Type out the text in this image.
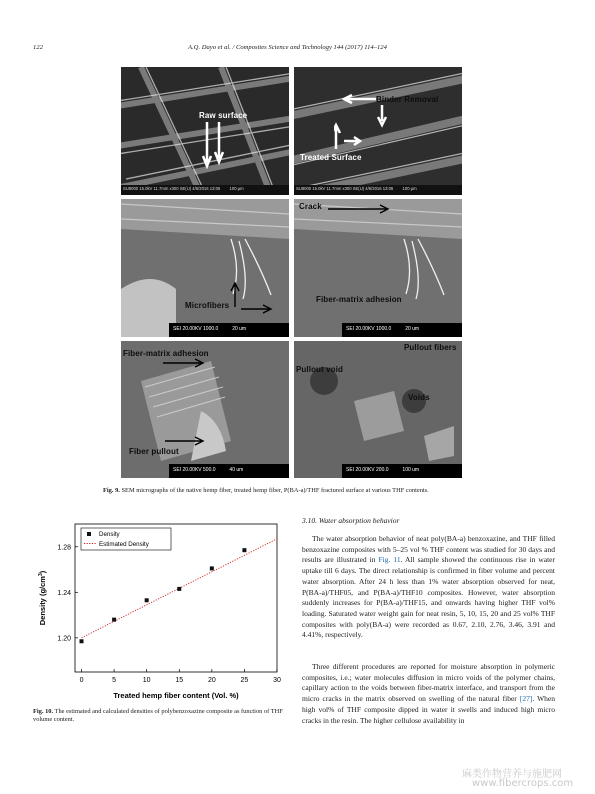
122	A.Q. Dayo et al. / Composites Science and Technology 144 (2017) 114–124
Raw surface
SU8000 15.0kV 11.7mm x300 SE(U) 4/6/2016 13:05        100 µm
Binder Removal
Treated Surface
SU8000 15.0kV 11.7mm x300 SE(U) 4/6/2016 13:06        100 µm
Microfibers
SEI 20.00KV 1000.0          20 um
Crack
Fiber-matrix adhesion
SEI 20.00KV 1000.0          20 um
Fiber-matrix adhesion
Fiber pullout
SEI 20.00KV 500.0          40 um
Pullout fibers
Pullout void
Voids
SEI 20.00KV 200.0          100 um
Fig. 9. SEM micrographs of the native hemp fiber, treated hemp fiber, P(BA-a)/THF fractured surface at various THF contents.
0	5	10	15	20	25	30
1.20
1.24
1.28
Treated hemp fiber content (Vol. %)
Density $(g/cm^3)$
Density
Estimated Density
Fig. 10. The estimated and calculated densities of polybenzoxazine composite as function of THF volume content.
3.10. Water absorption behavior
The water absorption behavior of neat poly(BA-a) benzoxazine, and THF filled benzoxazine composites with 5–25 vol % THF content was studied for 30 days and results are illustrated in Fig. 11. All sample showed the continuous rise in water uptake till 6 days. The direct relationship is confirmed in fiber volume and percent water absorption. After 24 h less than 1% water absorption observed for neat, P(BA-a)/THF05, and P(BA-a)/THF10 composites. However, water absorption suddenly increases for P(BA-a)/THF15, and onwards having higher THF vol% loading. Saturated water weight gain for neat resin, 5, 10, 15, 20 and 25 vol% THF composites with poly(BA-a) were recorded as 0.67, 2.10, 2.76, 3.46, 3.91 and 4.41%, respectively.
Three different procedures are reported for moisture absorption in polymeric composites, i.e.; water molecules diffusion in micro voids of the polymer chains, capillary action to the voids between fiber-matrix interface, and transport from the micro cracks in the matrix observed on swelling of the natural fiber [27]. When high vol% of THF composite dipped in water it swells and induced high micro cracks in the resin. The higher cellulose availability in
麻类作物营养与施肥网
www.fibercrops.com
